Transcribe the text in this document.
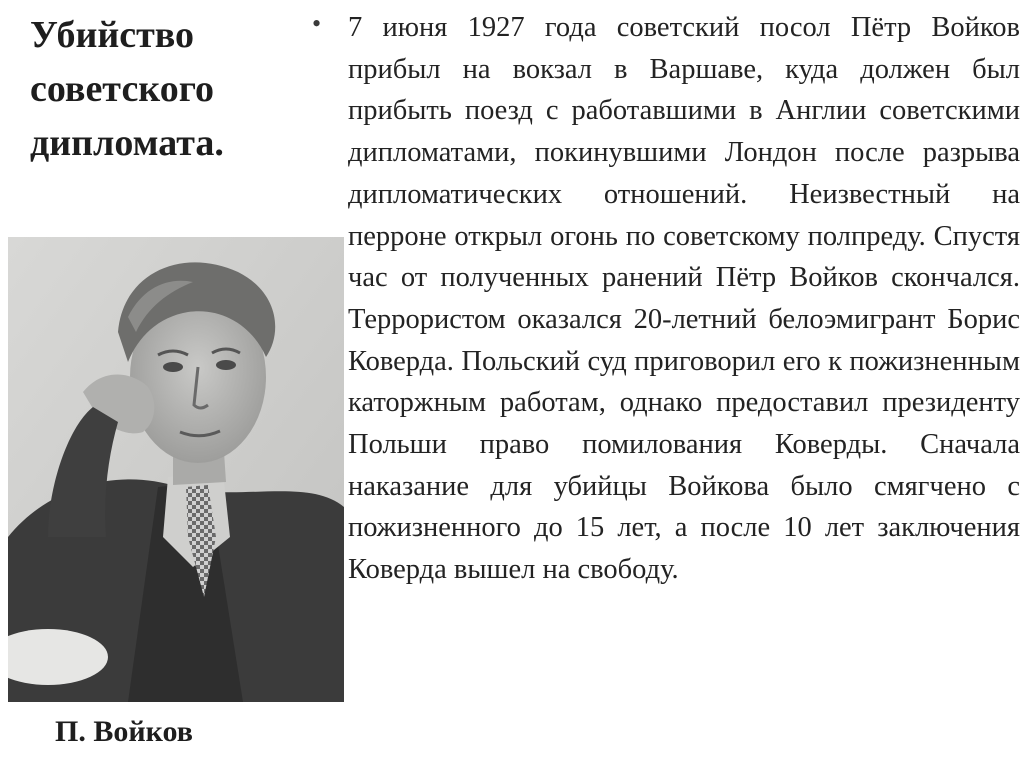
Убийство
советского
дипломата.
П. Войков
• 7 июня 1927 года советский посол Пётр Войков прибыл на вокзал в Варшаве, куда должен был прибыть поезд с работавшими в Англии советскими дипломатами, покинувшими Лондон после разрыва дипломатических отношений. Неизвестный на перроне открыл огонь по советскому полпреду. Спустя час от полученных ранений Пётр Войков скончался. Террористом оказался 20-летний белоэмигрант Борис Коверда. Польский суд приговорил его к пожизненным каторжным работам, однако предоставил президенту Польши право помилования Коверды. Сначала наказание для убийцы Войкова было смягчено с пожизненного до 15 лет, а после 10 лет заключения Коверда вышел на свободу.
